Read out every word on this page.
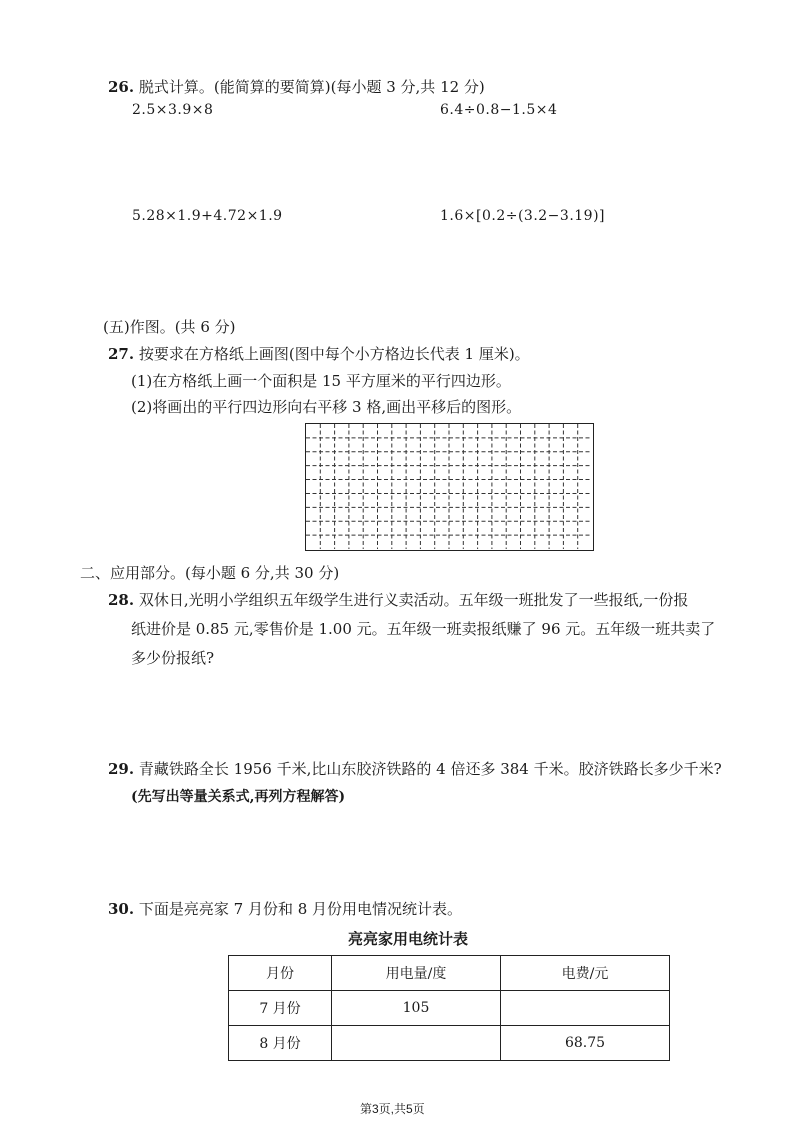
26. 脱式计算。(能简算的要简算)(每小题 3 分,共 12 分)
2.5×3.9×8	6.4÷0.8−1.5×4
5.28×1.9+4.72×1.9	1.6×[0.2÷(3.2−3.19)]
(五)作图。(共 6 分)
27. 按要求在方格纸上画图(图中每个小方格边长代表 1 厘米)。
(1)在方格纸上画一个面积是 15 平方厘米的平行四边形。
(2)将画出的平行四边形向右平移 3 格,画出平移后的图形。
二、应用部分。(每小题 6 分,共 30 分)
28. 双休日,光明小学组织五年级学生进行义卖活动。五年级一班批发了一些报纸,一份报
纸进价是 0.85 元,零售价是 1.00 元。五年级一班卖报纸赚了 96 元。五年级一班共卖了
多少份报纸?
29. 青藏铁路全长 1956 千米,比山东胶济铁路的 4 倍还多 384 千米。胶济铁路长多少千米?
(先写出等量关系式,再列方程解答)
30. 下面是亮亮家 7 月份和 8 月份用电情况统计表。
亮亮家用电统计表
月份	用电量/度	电费/元
7 月份	105	
8 月份		68.75
第3页,共5页
